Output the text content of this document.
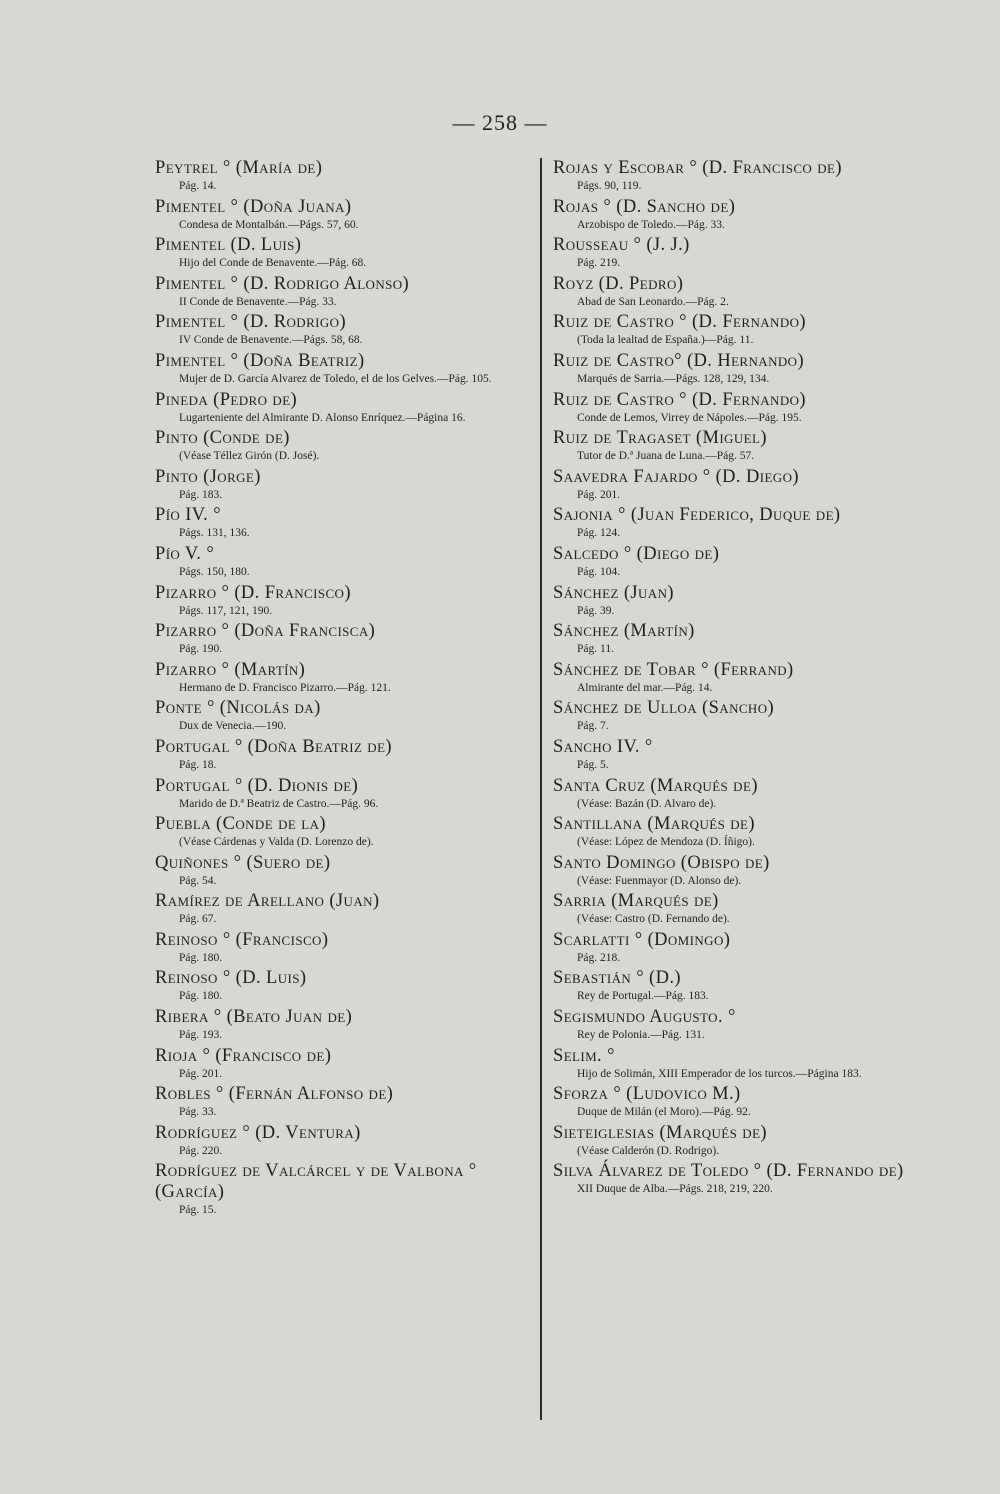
— 258 —
Peytrel ° (María de)
Pág. 14.
Pimentel ° (Doña Juana)
Condesa de Montalbán.—Págs. 57, 60.
Pimentel (D. Luis)
Hijo del Conde de Benavente.—Pág. 68.
Pimentel ° (D. Rodrigo Alonso)
II Conde de Benavente.—Pág. 33.
Pimentel ° (D. Rodrigo)
IV Conde de Benavente.—Págs. 58, 68.
Pimentel ° (Doña Beatriz)
Mujer de D. García Alvarez de Toledo, el de los Gelves.—Pág. 105.
Pineda (Pedro de)
Lugarteniente del Almirante D. Alonso Enríquez.—Página 16.
Pinto (Conde de)
(Véase Téllez Girón (D. José).
Pinto (Jorge)
Pág. 183.
Pío IV. °
Págs. 131, 136.
Pío V. °
Págs. 150, 180.
Pizarro ° (D. Francisco)
Págs. 117, 121, 190.
Pizarro ° (Doña Francisca)
Pág. 190.
Pizarro ° (Martín)
Hermano de D. Francisco Pizarro.—Pág. 121.
Ponte ° (Nicolás da)
Dux de Venecia.—190.
Portugal ° (Doña Beatriz de)
Pág. 18.
Portugal ° (D. Dionis de)
Marido de D.ª Beatriz de Castro.—Pág. 96.
Puebla (Conde de la)
(Véase Cárdenas y Valda (D. Lorenzo de).
Quiñones ° (Suero de)
Pág. 54.
Ramírez de Arellano (Juan)
Pág. 67.
Reinoso ° (Francisco)
Pág. 180.
Reinoso ° (D. Luis)
Pág. 180.
Ribera ° (Beato Juan de)
Pág. 193.
Rioja ° (Francisco de)
Pág. 201.
Robles ° (Fernán Alfonso de)
Pág. 33.
Rodríguez ° (D. Ventura)
Pág. 220.
Rodríguez de Valcárcel y de Valbona ° (García)
Pág. 15.
Rojas y Escobar ° (D. Francisco de)
Págs. 90, 119.
Rojas ° (D. Sancho de)
Arzobispo de Toledo.—Pág. 33.
Rousseau ° (J. J.)
Pág. 219.
Royz (D. Pedro)
Abad de San Leonardo.—Pág. 2.
Ruiz de Castro ° (D. Fernando)
(Toda la lealtad de España.)—Pág. 11.
Ruiz de Castro° (D. Hernando)
Marqués de Sarria.—Págs. 128, 129, 134.
Ruiz de Castro ° (D. Fernando)
Conde de Lemos, Virrey de Nápoles.—Pág. 195.
Ruiz de Tragaset (Miguel)
Tutor de D.ª Juana de Luna.—Pág. 57.
Saavedra Fajardo ° (D. Diego)
Pág. 201.
Sajonia ° (Juan Federico, Duque de)
Pág. 124.
Salcedo ° (Diego de)
Pág. 104.
Sánchez (Juan)
Pág. 39.
Sánchez (Martín)
Pág. 11.
Sánchez de Tobar ° (Ferrand)
Almirante del mar.—Pág. 14.
Sánchez de Ulloa (Sancho)
Pág. 7.
Sancho IV. °
Pág. 5.
Santa Cruz (Marqués de)
(Véase: Bazán (D. Alvaro de).
Santillana (Marqués de)
(Véase: López de Mendoza (D. Íñigo).
Santo Domingo (Obispo de)
(Véase: Fuenmayor (D. Alonso de).
Sarria (Marqués de)
(Véase: Castro (D. Fernando de).
Scarlatti ° (Domingo)
Pág. 218.
Sebastián ° (D.)
Rey de Portugal.—Pág. 183.
Segismundo Augusto. °
Rey de Polonia.—Pág. 131.
Selim. °
Hijo de Solimán, XIII Emperador de los turcos.—Página 183.
Sforza ° (Ludovico M.)
Duque de Milán (el Moro).—Pág. 92.
Sieteiglesias (Marqués de)
(Véase Calderón (D. Rodrigo).
Silva Álvarez de Toledo ° (D. Fernando de)
XII Duque de Alba.—Págs. 218, 219, 220.
